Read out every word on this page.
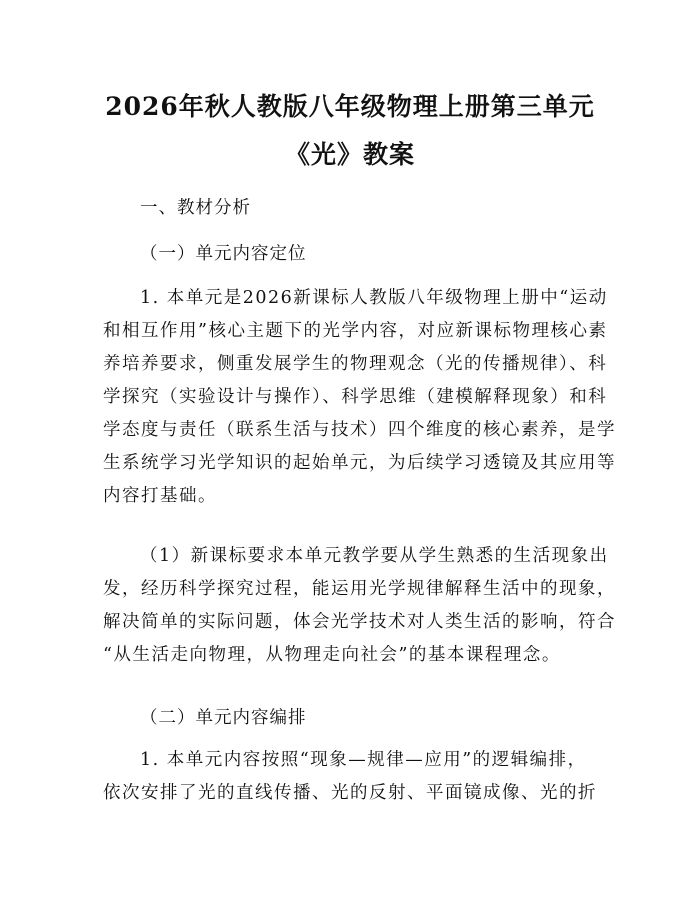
2026年秋人教版八年级物理上册第三单元
《光》教案
一、教材分析
（一）单元内容定位
1. 本单元是2026新课标人教版八年级物理上册中“运动
和相互作用”核心主题下的光学内容，对应新课标物理核心素
养培养要求，侧重发展学生的物理观念（光的传播规律）、科
学探究（实验设计与操作）、科学思维（建模解释现象）和科
学态度与责任（联系生活与技术）四个维度的核心素养，是学
生系统学习光学知识的起始单元，为后续学习透镜及其应用等
内容打基础。
（1）新课标要求本单元教学要从学生熟悉的生活现象出
发，经历科学探究过程，能运用光学规律解释生活中的现象，
解决简单的实际问题，体会光学技术对人类生活的影响，符合
“从生活走向物理，从物理走向社会”的基本课程理念。
（二）单元内容编排
1. 本单元内容按照“现象—规律—应用”的逻辑编排，
依次安排了光的直线传播、光的反射、平面镜成像、光的折
